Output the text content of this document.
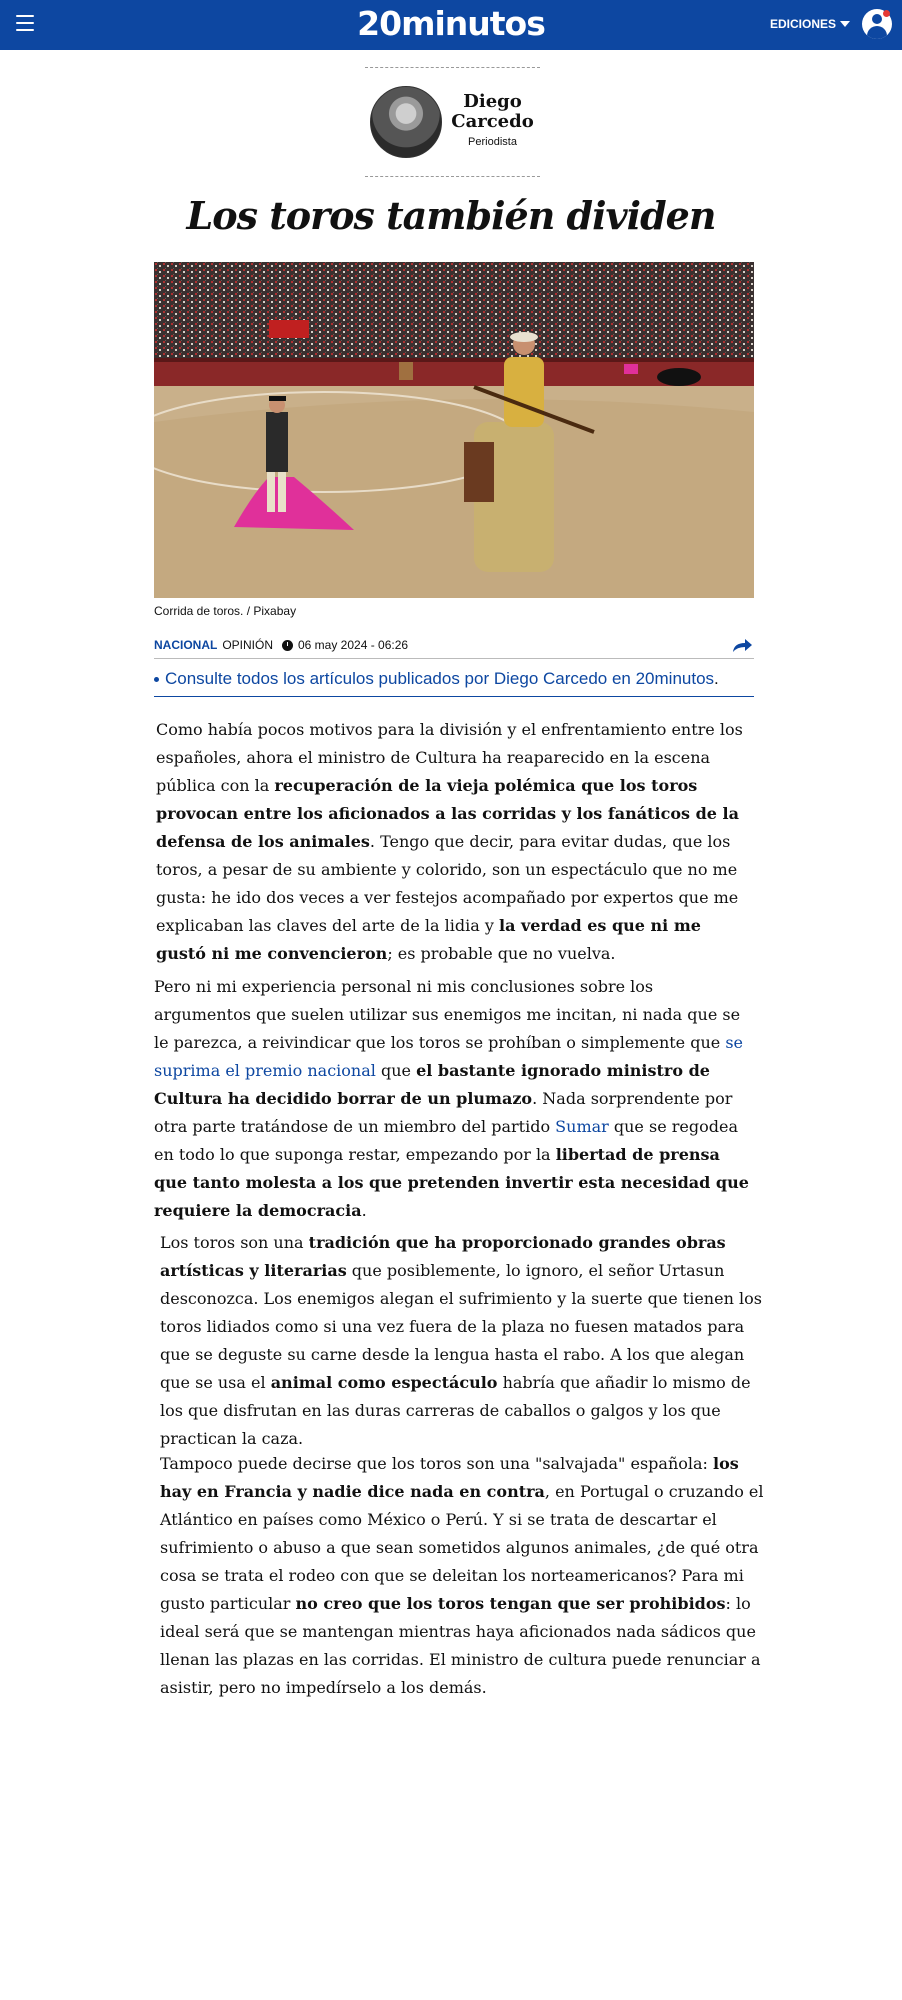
20minutos	EDICIONES
Diego
Carcedo
Periodista
Los toros también dividen
Corrida de toros. / Pixabay
NACIONAL OPINIÓN 06 may 2024 - 06:26
Consulte todos los artículos publicados por Diego Carcedo en 20minutos.

Como había pocos motivos para la división y el enfrentamiento entre los españoles, ahora el ministro de Cultura ha reaparecido en la escena pública con la recuperación de la vieja polémica que los toros provocan entre los aficionados a las corridas y los fanáticos de la defensa de los animales. Tengo que decir, para evitar dudas, que los toros, a pesar de su ambiente y colorido, son un espectáculo que no me gusta: he ido dos veces a ver festejos acompañado por expertos que me explicaban las claves del arte de la lidia y la verdad es que ni me gustó ni me convencieron; es probable que no vuelva.

Pero ni mi experiencia personal ni mis conclusiones sobre los argumentos que suelen utilizar sus enemigos me incitan, ni nada que se le parezca, a reivindicar que los toros se prohíban o simplemente que se suprima el premio nacional que el bastante ignorado ministro de Cultura ha decidido borrar de un plumazo. Nada sorprendente por otra parte tratándose de un miembro del partido Sumar que se regodea en todo lo que suponga restar, empezando por la libertad de prensa que tanto molesta a los que pretenden invertir esta necesidad que requiere la democracia.

Los toros son una tradición que ha proporcionado grandes obras artísticas y literarias que posiblemente, lo ignoro, el señor Urtasun desconozca. Los enemigos alegan el sufrimiento y la suerte que tienen los toros lidiados como si una vez fuera de la plaza no fuesen matados para que se deguste su carne desde la lengua hasta el rabo. A los que alegan que se usa el animal como espectáculo habría que añadir lo mismo de los que disfrutan en las duras carreras de caballos o galgos y los que practican la caza.

Tampoco puede decirse que los toros son una "salvajada" española: los hay en Francia y nadie dice nada en contra, en Portugal o cruzando el Atlántico en países como México o Perú. Y si se trata de descartar el sufrimiento o abuso a que sean sometidos algunos animales, ¿de qué otra cosa se trata el rodeo con que se deleitan los norteamericanos? Para mi gusto particular no creo que los toros tengan que ser prohibidos: lo ideal será que se mantengan mientras haya aficionados nada sádicos que llenan las plazas en las corridas. El ministro de cultura puede renunciar a asistir, pero no impedírselo a los demás.
